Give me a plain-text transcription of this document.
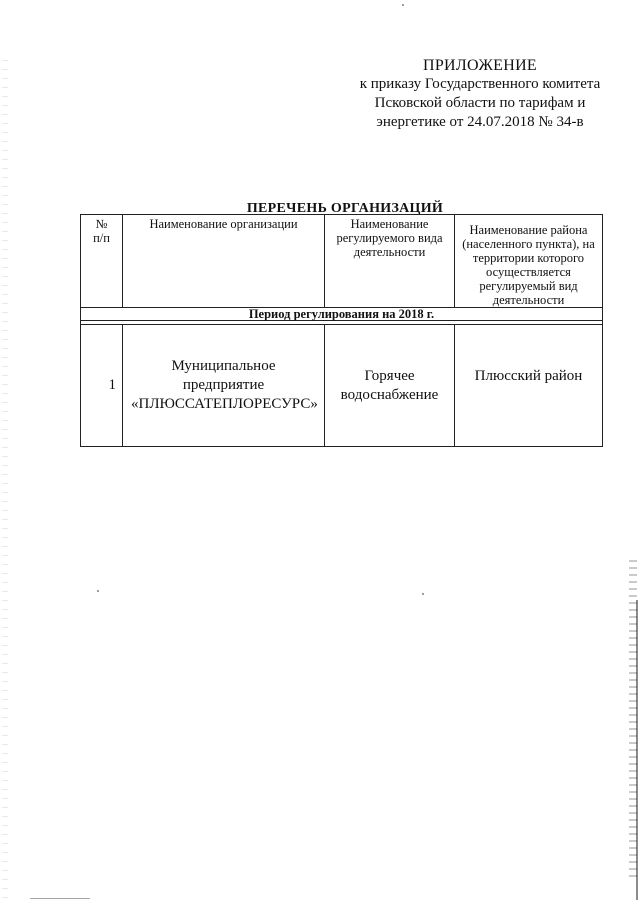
ПРИЛОЖЕНИЕ
к приказу Государственного комитета
Псковской области по тарифам и
энергетике от 24.07.2018 № 34-в
ПЕРЕЧЕНЬ ОРГАНИЗАЦИЙ
№ п/п	Наименование организации	Наименование регулируемого вида деятельности	Наименование района (населенного пункта), на территории которого осуществляется регулируемый вид деятельности

Период регулирования на 2018 г.			

1	Муниципальное предприятие «ПЛЮССАТЕПЛОРЕСУРС»	Горячее водоснабжение	Плюсский район
